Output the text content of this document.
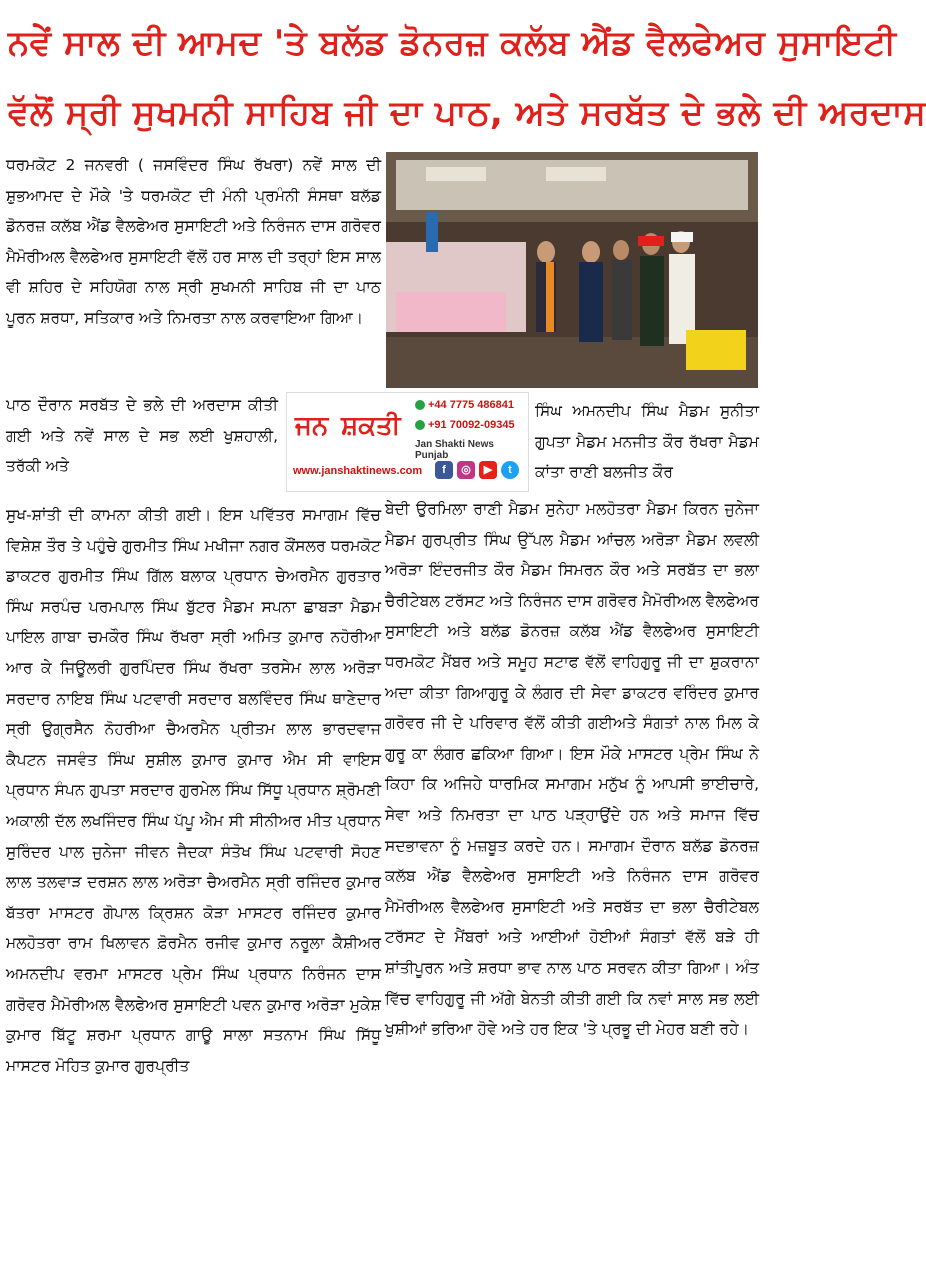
ਨਵੇਂ ਸਾਲ ਦੀ ਆਮਦ 'ਤੇ ਬਲੱਡ ਡੋਨਰਜ਼ ਕਲੱਬ ਐਂਡ ਵੈਲਫੇਅਰ ਸੁਸਾਇਟੀ
ਵੱਲੋਂ ਸ੍ਰੀ ਸੁਖਮਨੀ ਸਾਹਿਬ ਜੀ ਦਾ ਪਾਠ, ਅਤੇ ਸਰਬੱਤ ਦੇ ਭਲੇ ਦੀ ਅਰਦਾਸ

ਧਰਮਕੋਟ 2 ਜਨਵਰੀ ( ਜਸਵਿੰਦਰ ਸਿੰਘ ਰੱਖਰਾ) ਨਵੇਂ ਸਾਲ ਦੀ ਸ਼ੁਭਆਮਦ ਦੇ ਮੌਕੇ 'ਤੇ ਧਰਮਕੋਟ ਦੀ ਮੰਨੀ ਪ੍ਰਮੰਨੀ ਸੰਸਥਾ ਬਲੱਡ ਡੋਨਰਜ਼ ਕਲੱਬ ਐਂਡ ਵੈਲਫੇਅਰ ਸੁਸਾਇਟੀ ਅਤੇ ਨਿਰੰਜਨ ਦਾਸ ਗਰੋਵਰ ਮੈਮੋਰੀਅਲ ਵੈਲਫੇਅਰ ਸੁਸਾਇਟੀ ਵੱਲੋਂ ਹਰ ਸਾਲ ਦੀ ਤਰ੍ਹਾਂ ਇਸ ਸਾਲ ਵੀ ਸ਼ਹਿਰ ਦੇ ਸਹਿਯੋਗ ਨਾਲ ਸ੍ਰੀ ਸੁਖਮਨੀ ਸਾਹਿਬ ਜੀ ਦਾ ਪਾਠ ਪੂਰਨ ਸ਼ਰਧਾ, ਸਤਿਕਾਰ ਅਤੇ ਨਿਮਰਤਾ ਨਾਲ ਕਰਵਾਇਆ ਗਿਆ।

ਜਨ ਸ਼ਕਤੀ
+44 7775 486841
+91 70092-09345
Jan Shakti News Punjab
www.janshaktinews.com	f	◎	▶	t

ਪਾਠ ਦੌਰਾਨ ਸਰਬੱਤ ਦੇ ਭਲੇ ਦੀ ਅਰਦਾਸ ਕੀਤੀ ਗਈ ਅਤੇ ਨਵੇਂ ਸਾਲ ਦੇ ਸਭ ਲਈ ਖੁਸ਼ਹਾਲੀ, ਤਰੱਕੀ ਅਤੇ

ਸਿੰਘ ਅਮਨਦੀਪ ਸਿੰਘ ਮੈਡਮ ਸੁਨੀਤਾ ਗੁਪਤਾ ਮੈਡਮ ਮਨਜੀਤ ਕੌਰ ਰੱਖਰਾ ਮੈਡਮ ਕਾਂਤਾ ਰਾਣੀ ਬਲਜੀਤ ਕੌਰ

ਸੁਖ-ਸ਼ਾਂਤੀ ਦੀ ਕਾਮਨਾ ਕੀਤੀ ਗਈ। ਇਸ ਪਵਿੱਤਰ ਸਮਾਗਮ ਵਿੱਚ ਵਿਸ਼ੇਸ਼ ਤੌਰ ਤੇ ਪਹੁੰਚੇ ਗੁਰਮੀਤ ਸਿੰਘ ਮਖੀਜਾ ਨਗਰ ਕੌਂਸਲਰ ਧਰਮਕੋਟ ਡਾਕਟਰ ਗੁਰਮੀਤ ਸਿੰਘ ਗਿੱਲ ਬਲਾਕ ਪ੍ਰਧਾਨ ਚੇਅਰਮੈਨ ਗੁਰਤਾਰ ਸਿੰਘ ਸਰਪੰਚ ਪਰਮਪਾਲ ਸਿੰਘ ਬੁੱਟਰ ਮੈਡਮ ਸਪਨਾ ਛਾਬੜਾ ਮੈਡਮ ਪਾਇਲ ਗਾਬਾ ਚਮਕੌਰ ਸਿੰਘ ਰੱਖਰਾ ਸ੍ਰੀ ਅਮਿਤ ਕੁਮਾਰ ਨਹੋਰੀਆ ਆਰ ਕੇ ਜਿਊਲਰੀ ਗੁਰਪਿੰਦਰ ਸਿੰਘ ਰੱਖਰਾ ਤਰਸੇਮ ਲਾਲ ਅਰੋੜਾ ਸਰਦਾਰ ਨਾਇਬ ਸਿੰਘ ਪਟਵਾਰੀ ਸਰਦਾਰ ਬਲਵਿੰਦਰ ਸਿੰਘ ਥਾਣੇਦਾਰ ਸ੍ਰੀ ਉਗ੍ਰਸੈਨ ਨੋਹਰੀਆ ਚੈਅਰਮੈਨ ਪ੍ਰੀਤਮ ਲਾਲ ਭਾਰਦਵਾਜ ਕੈਪਟਨ ਜਸਵੰਤ ਸਿੰਘ ਸੁਸ਼ੀਲ ਕੁਮਾਰ ਕੁਮਾਰ ਐਮ ਸੀ ਵਾਇਸ ਪ੍ਰਧਾਨ ਸੰਪਨ ਗੁਪਤਾ ਸਰਦਾਰ ਗੁਰਮੇਲ ਸਿੰਘ ਸਿੱਧੂ ਪ੍ਰਧਾਨ ਸ਼੍ਰੋਮਣੀ ਅਕਾਲੀ ਦੱਲ ਲਖਜਿੰਦਰ ਸਿੰਘ ਪੱਪੂ ਐਮ ਸੀ ਸੀਨੀਅਰ ਮੀਤ ਪ੍ਰਧਾਨ ਸੁਰਿੰਦਰ ਪਾਲ ਜੁਨੇਜਾ ਜੀਵਨ ਜੈਦਕਾ ਸੰਤੋਖ ਸਿੰਘ ਪਟਵਾਰੀ ਸੋਹਣ ਲਾਲ ਤਲਵਾੜ ਦਰਸ਼ਨ ਲਾਲ ਅਰੋੜਾ ਚੈਅਰਮੈਨ ਸ੍ਰੀ ਰਜਿੰਦਰ ਕੁਮਾਰ ਬੱਤਰਾ ਮਾਸਟਰ ਗੋਪਾਲ ਕ੍ਰਿਸ਼ਨ ਕੋੜਾ ਮਾਸਟਰ ਰਜਿੰਦਰ ਕੁਮਾਰ ਮਲਹੋਤਰਾ ਰਾਮ ਖਿਲਾਵਨ ਫ਼ੋਰਮੈਨ ਰਜੀਵ ਕੁਮਾਰ ਨਰੂਲਾ ਕੈਸ਼ੀਅਰ ਅਮਨਦੀਪ ਵਰਮਾ ਮਾਸਟਰ ਪ੍ਰੇਮ ਸਿੰਘ ਪ੍ਰਧਾਨ ਨਿਰੰਜਨ ਦਾਸ ਗਰੋਵਰ ਮੈਮੋਰੀਅਲ ਵੈਲਫੇਅਰ ਸੁਸਾਇਟੀ ਪਵਨ ਕੁਮਾਰ ਅਰੋੜਾ ਮੁਕੇਸ਼ ਕੁਮਾਰ ਬਿੱਟੂ ਸ਼ਰਮਾ ਪ੍ਰਧਾਨ ਗਾਊ ਸਾਲਾ ਸਤਨਾਮ ਸਿੰਘ ਸਿੱਧੂ ਮਾਸਟਰ ਮੋਹਿਤ ਕੁਮਾਰ ਗੁਰਪ੍ਰੀਤ

ਬੇਦੀ ਉਰਮਿਲਾ ਰਾਣੀ ਮੈਡਮ ਸੁਨੇਹਾ ਮਲਹੋਤਰਾ ਮੈਡਮ ਕਿਰਨ ਜੁਨੇਜਾ ਮੈਡਮ ਗੁਰਪ੍ਰੀਤ ਸਿੰਘ ਉੱਪਲ ਮੈਡਮ ਆਂਚਲ ਅਰੋੜਾ ਮੈਡਮ ਲਵਲੀ ਅਰੋੜਾ ਇੰਦਰਜੀਤ ਕੌਰ ਮੈਡਮ ਸਿਮਰਨ ਕੌਰ ਅਤੇ ਸਰਬੱਤ ਦਾ ਭਲਾ ਚੈਰੀਟੇਬਲ ਟਰੱਸਟ ਅਤੇ ਨਿਰੰਜਨ ਦਾਸ ਗਰੋਵਰ ਮੈਮੋਰੀਅਲ ਵੈਲਫੇਅਰ ਸੁਸਾਇਟੀ ਅਤੇ ਬਲੱਡ ਡੋਨਰਜ਼ ਕਲੱਬ ਐਂਡ ਵੈਲਫੇਅਰ ਸੁਸਾਇਟੀ ਧਰਮਕੋਟ ਮੈਂਬਰ ਅਤੇ ਸਮੂਹ ਸਟਾਫ ਵੱਲੋਂ ਵਾਹਿਗੁਰੂ ਜੀ ਦਾ ਸ਼ੁਕਰਾਨਾ ਅਦਾ ਕੀਤਾ ਗਿਆਗੁਰੂ ਕੇ ਲੰਗਰ ਦੀ ਸੇਵਾ ਡਾਕਟਰ ਵਰਿੰਦਰ ਕੁਮਾਰ ਗਰੋਵਰ ਜੀ ਦੇ ਪਰਿਵਾਰ ਵੱਲੋਂ ਕੀਤੀ ਗਈਅਤੇ ਸੰਗਤਾਂ ਨਾਲ ਮਿਲ ਕੇ ਗੁਰੂ ਕਾ ਲੰਗਰ ਛਕਿਆ ਗਿਆ। ਇਸ ਮੌਕੇ ਮਾਸਟਰ ਪ੍ਰੇਮ ਸਿੰਘ ਨੇ ਕਿਹਾ ਕਿ ਅਜਿਹੇ ਧਾਰਮਿਕ ਸਮਾਗਮ ਮਨੁੱਖ ਨੂੰ ਆਪਸੀ ਭਾਈਚਾਰੇ, ਸੇਵਾ ਅਤੇ ਨਿਮਰਤਾ ਦਾ ਪਾਠ ਪੜ੍ਹਾਉਂਦੇ ਹਨ ਅਤੇ ਸਮਾਜ ਵਿੱਚ ਸਦਭਾਵਨਾ ਨੂੰ ਮਜ਼ਬੂਤ ਕਰਦੇ ਹਨ। ਸਮਾਗਮ ਦੌਰਾਨ ਬਲੱਡ ਡੋਨਰਜ਼ ਕਲੱਬ ਐਂਡ ਵੈਲਫੇਅਰ ਸੁਸਾਇਟੀ ਅਤੇ ਨਿਰੰਜਨ ਦਾਸ ਗਰੋਵਰ ਮੈਮੋਰੀਅਲ ਵੈਲਫੇਅਰ ਸੁਸਾਇਟੀ ਅਤੇ ਸਰਬੱਤ ਦਾ ਭਲਾ ਚੈਰੀਟੇਬਲ ਟਰੱਸਟ ਦੇ ਮੈਂਬਰਾਂ ਅਤੇ ਆਈਆਂ ਹੋਈਆਂ ਸੰਗਤਾਂ ਵੱਲੋਂ ਬੜੇ ਹੀ ਸ਼ਾਂਤੀਪੂਰਨ ਅਤੇ ਸ਼ਰਧਾ ਭਾਵ ਨਾਲ ਪਾਠ ਸਰਵਨ ਕੀਤਾ ਗਿਆ। ਅੰਤ ਵਿੱਚ ਵਾਹਿਗੁਰੂ ਜੀ ਅੱਗੇ ਬੇਨਤੀ ਕੀਤੀ ਗਈ ਕਿ ਨਵਾਂ ਸਾਲ ਸਭ ਲਈ ਖੁਸ਼ੀਆਂ ਭਰਿਆ ਹੋਵੇ ਅਤੇ ਹਰ ਇਕ 'ਤੇ ਪ੍ਰਭੂ ਦੀ ਮੇਹਰ ਬਣੀ ਰਹੇ।
